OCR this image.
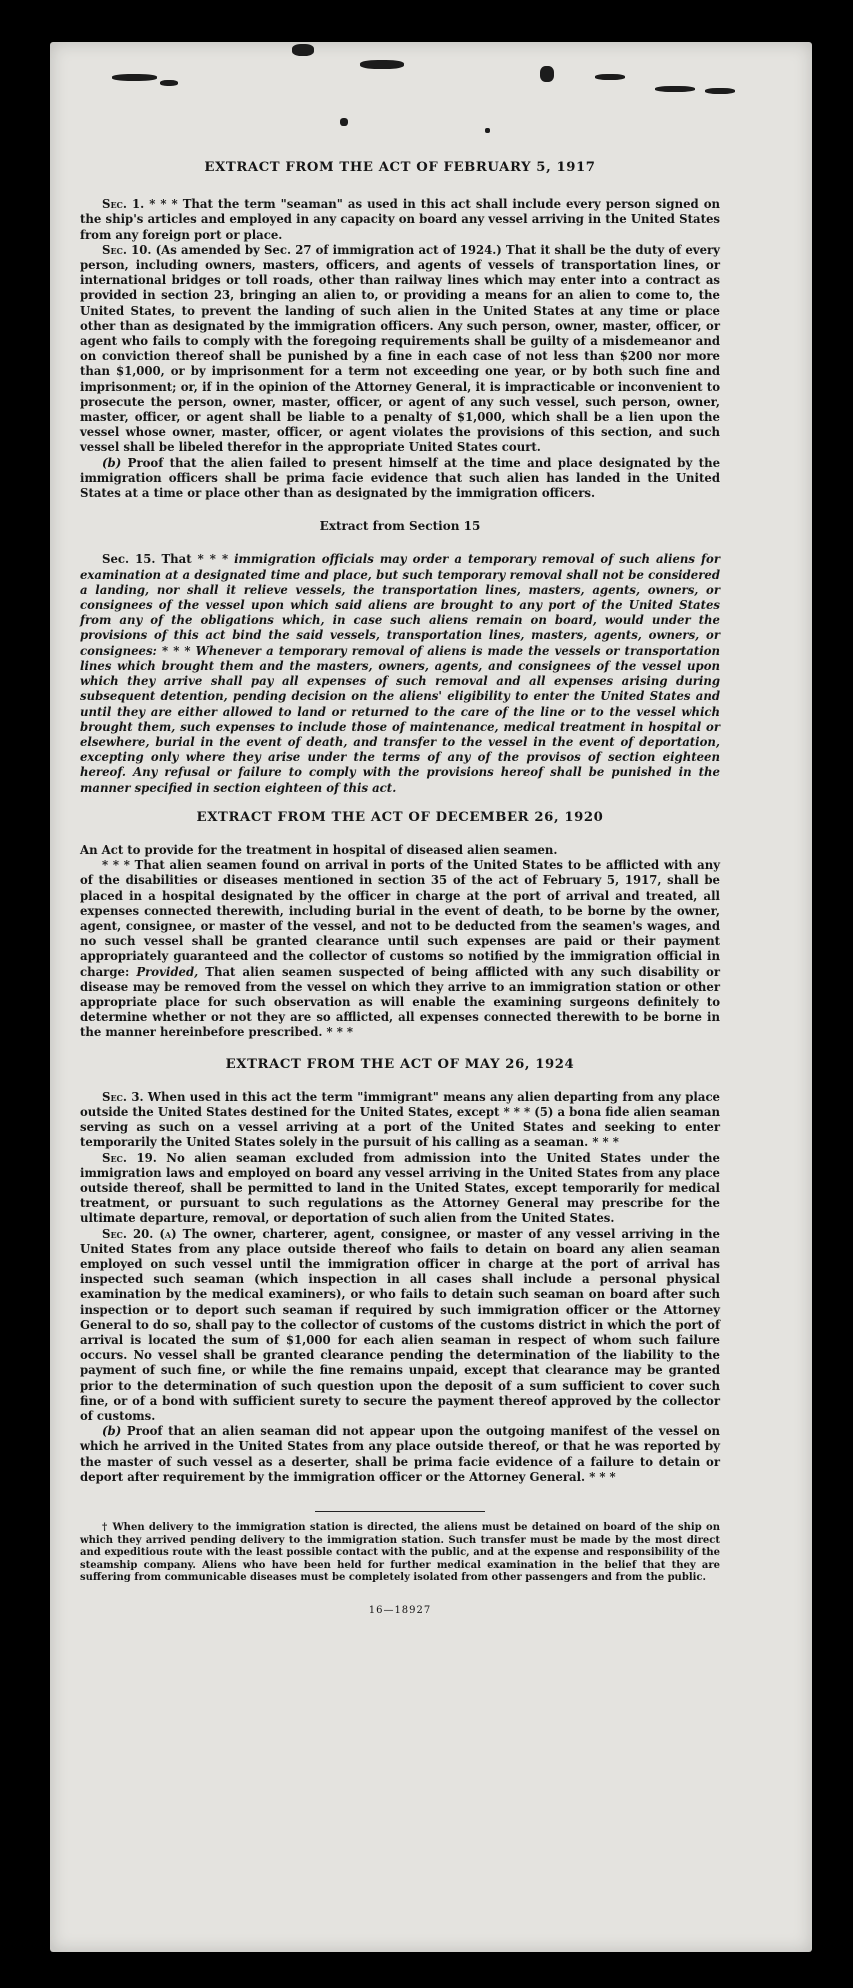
EXTRACT FROM THE ACT OF FEBRUARY 5, 1917

Sec. 1. * * * That the term "seaman" as used in this act shall include every person signed on the ship's articles and employed in any capacity on board any vessel arriving in the United States from any foreign port or place.

Sec. 10. (As amended by Sec. 27 of immigration act of 1924.) That it shall be the duty of every person, including owners, masters, officers, and agents of vessels of transportation lines, or international bridges or toll roads, other than railway lines which may enter into a contract as provided in section 23, bringing an alien to, or providing a means for an alien to come to, the United States, to prevent the landing of such alien in the United States at any time or place other than as designated by the immigration officers. Any such person, owner, master, officer, or agent who fails to comply with the foregoing requirements shall be guilty of a misdemeanor and on conviction thereof shall be punished by a fine in each case of not less than $200 nor more than $1,000, or by imprisonment for a term not exceeding one year, or by both such fine and imprisonment; or, if in the opinion of the Attorney General, it is impracticable or inconvenient to prosecute the person, owner, master, officer, or agent of any such vessel, such person, owner, master, officer, or agent shall be liable to a penalty of $1,000, which shall be a lien upon the vessel whose owner, master, officer, or agent violates the provisions of this section, and such vessel shall be libeled therefor in the appropriate United States court.

(b) Proof that the alien failed to present himself at the time and place designated by the immigration officers shall be prima facie evidence that such alien has landed in the United States at a time or place other than as designated by the immigration officers.

Extract from Section 15

Sec. 15. That * * * immigration officials may order a temporary removal of such aliens for examination at a designated time and place, but such temporary removal shall not be considered a landing, nor shall it relieve vessels, the transportation lines, masters, agents, owners, or consignees of the vessel upon which said aliens are brought to any port of the United States from any of the obligations which, in case such aliens remain on board, would under the provisions of this act bind the said vessels, transportation lines, masters, agents, owners, or consignees: * * * Whenever a temporary removal of aliens is made the vessels or transportation lines which brought them and the masters, owners, agents, and consignees of the vessel upon which they arrive shall pay all expenses of such removal and all expenses arising during subsequent detention, pending decision on the aliens' eligibility to enter the United States and until they are either allowed to land or returned to the care of the line or to the vessel which brought them, such expenses to include those of maintenance, medical treatment in hospital or elsewhere, burial in the event of death, and transfer to the vessel in the event of deportation, excepting only where they arise under the terms of any of the provisos of section eighteen hereof. Any refusal or failure to comply with the provisions hereof shall be punished in the manner specified in section eighteen of this act.

EXTRACT FROM THE ACT OF DECEMBER 26, 1920

An Act to provide for the treatment in hospital of diseased alien seamen.

* * * That alien seamen found on arrival in ports of the United States to be afflicted with any of the disabilities or diseases mentioned in section 35 of the act of February 5, 1917, shall be placed in a hospital designated by the officer in charge at the port of arrival and treated, all expenses connected therewith, including burial in the event of death, to be borne by the owner, agent, consignee, or master of the vessel, and not to be deducted from the seamen's wages, and no such vessel shall be granted clearance until such expenses are paid or their payment appropriately guaranteed and the collector of customs so notified by the immigration official in charge: Provided, That alien seamen suspected of being afflicted with any such disability or disease may be removed from the vessel on which they arrive to an immigration station or other appropriate place for such observation as will enable the examining surgeons definitely to determine whether or not they are so afflicted, all expenses connected therewith to be borne in the manner hereinbefore prescribed. * * *

EXTRACT FROM THE ACT OF MAY 26, 1924

Sec. 3. When used in this act the term "immigrant" means any alien departing from any place outside the United States destined for the United States, except * * * (5) a bona fide alien seaman serving as such on a vessel arriving at a port of the United States and seeking to enter temporarily the United States solely in the pursuit of his calling as a seaman. * * *

Sec. 19. No alien seaman excluded from admission into the United States under the immigration laws and employed on board any vessel arriving in the United States from any place outside thereof, shall be permitted to land in the United States, except temporarily for medical treatment, or pursuant to such regulations as the Attorney General may prescribe for the ultimate departure, removal, or deportation of such alien from the United States.

Sec. 20. (a) The owner, charterer, agent, consignee, or master of any vessel arriving in the United States from any place outside thereof who fails to detain on board any alien seaman employed on such vessel until the immigration officer in charge at the port of arrival has inspected such seaman (which inspection in all cases shall include a personal physical examination by the medical examiners), or who fails to detain such seaman on board after such inspection or to deport such seaman if required by such immigration officer or the Attorney General to do so, shall pay to the collector of customs of the customs district in which the port of arrival is located the sum of $1,000 for each alien seaman in respect of whom such failure occurs. No vessel shall be granted clearance pending the determination of the liability to the payment of such fine, or while the fine remains unpaid, except that clearance may be granted prior to the determination of such question upon the deposit of a sum sufficient to cover such fine, or of a bond with sufficient surety to secure the payment thereof approved by the collector of customs.

(b) Proof that an alien seaman did not appear upon the outgoing manifest of the vessel on which he arrived in the United States from any place outside thereof, or that he was reported by the master of such vessel as a deserter, shall be prima facie evidence of a failure to detain or deport after requirement by the immigration officer or the Attorney General. * * *

† When delivery to the immigration station is directed, the aliens must be detained on board of the ship on which they arrived pending delivery to the immigration station. Such transfer must be made by the most direct and expeditious route with the least possible contact with the public, and at the expense and responsibility of the steamship company. Aliens who have been held for further medical examination in the belief that they are suffering from communicable diseases must be completely isolated from other passengers and from the public.

16—18927
